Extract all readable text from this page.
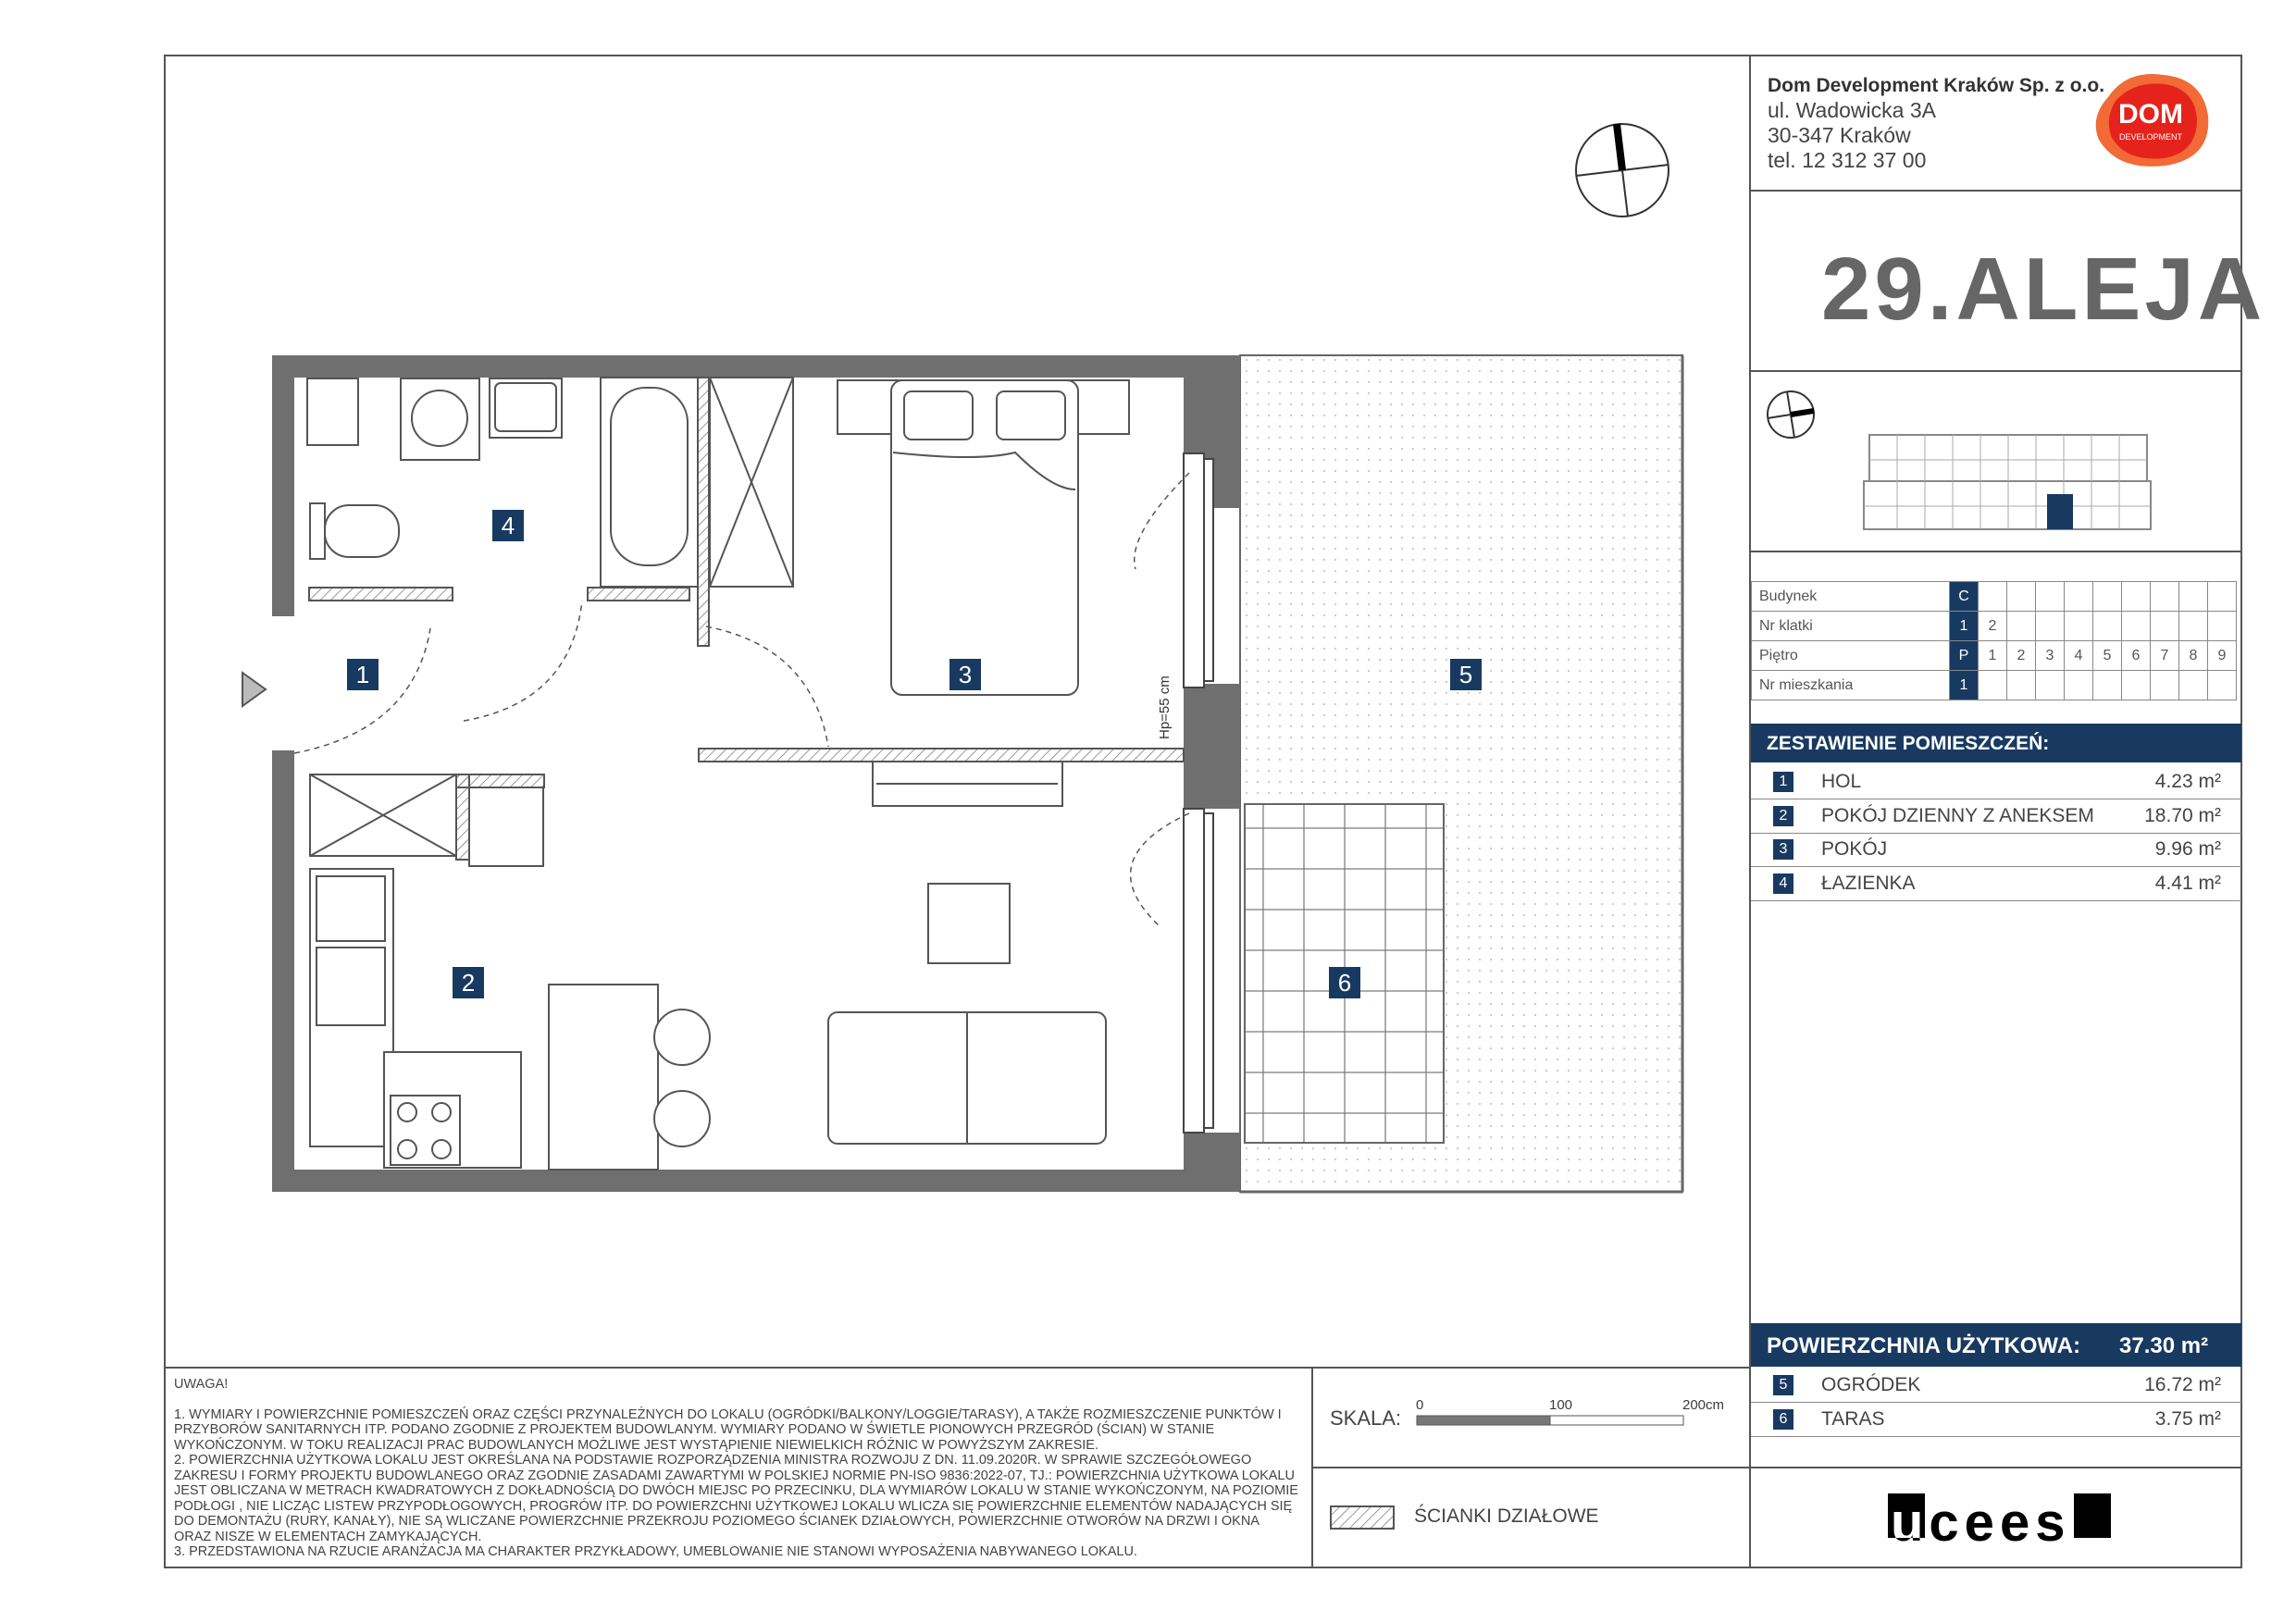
Dom Development Kraków Sp. z o.o.
ul. Wadowicka 3A
30-347 Kraków
tel. 12 312 37 00
DOM
DEVELOPMENT
29.ALEJA
Budynek	C									
Nr klatki	1	2								
Piętro	P	1	2	3	4	5	6	7	8	9
Nr mieszkania	1									
ZESTAWIENIE POMIESZCZEŃ:
1	HOL	4.23 m²
2	POKÓJ DZIENNY Z ANEKSEM	18.70 m²
3	POKÓJ	9.96 m²
4	ŁAZIENKA	4.41 m²
POWIERZCHNIA UŻYTKOWA: 37.30 m²
5	OGRÓDEK	16.72 m²
6	TARAS	3.75 m²
Hp=55 cm
1
2
3
4
5
6
UWAGA!
1. WYMIARY I POWIERZCHNIE POMIESZCZEŃ ORAZ CZĘŚCI PRZYNALEŻNYCH DO LOKALU (OGRÓDKI/BALKONY/LOGGIE/TARASY), A TAKŻE ROZMIESZCZENIE PUNKTÓW I PRZYBORÓW SANITARNYCH ITP. PODANO ZGODNIE Z PROJEKTEM BUDOWLANYM. WYMIARY PODANO W ŚWIETLE PIONOWYCH PRZEGRÓD (ŚCIAN) W STANIE WYKOŃCZONYM. W TOKU REALIZACJI PRAC BUDOWLANYCH MOŻLIWE JEST WYSTĄPIENIE NIEWIELKICH RÓŻNIC W POWYŻSZYM ZAKRESIE.
2. POWIERZCHNIA UŻYTKOWA LOKALU JEST OKREŚLANA NA PODSTAWIE ROZPORZĄDZENIA MINISTRA ROZWOJU Z DN. 11.09.2020R. W SPRAWIE SZCZEGÓŁOWEGO ZAKRESU I FORMY PROJEKTU BUDOWLANEGO ORAZ ZGODNIE ZASADAMI ZAWARTYMI W POLSKIEJ NORMIE PN-ISO 9836:2022-07, TJ.: POWIERZCHNIA UŻYTKOWA LOKALU JEST OBLICZANA W METRACH KWADRATOWYCH Z DOKŁADNOŚCIĄ DO DWÓCH MIEJSC PO PRZECINKU, DLA WYMIARÓW LOKALU W STANIE WYKOŃCZONYM, NA POZIOMIE PODŁOGI , NIE LICZĄC LISTEW PRZYPODŁOGOWYCH, PROGRÓW ITP. DO POWIERZCHNI UŻYTKOWEJ LOKALU WLICZA SIĘ POWIERZCHNIE ELEMENTÓW NADAJĄCYCH SIĘ DO DEMONTAŻU (RURY, KANAŁY), NIE SĄ WLICZANE POWIERZCHNIE PRZEKROJU POZIOMEGO ŚCIANEK DZIAŁOWYCH, POWIERZCHNIE OTWORÓW NA DRZWI I OKNA ORAZ NISZE W ELEMENTACH ZAMYKAJĄCYCH.
3. PRZEDSTAWIONA NA RZUCIE ARANŻACJA MA CHARAKTER PRZYKŁADOWY, UMEBLOWANIE NIE STANOWI WYPOSAŻENIA NABYWANEGO LOKALU.
SKALA:
0	100	200cm
ŚCIANKI DZIAŁOWE	ucees
